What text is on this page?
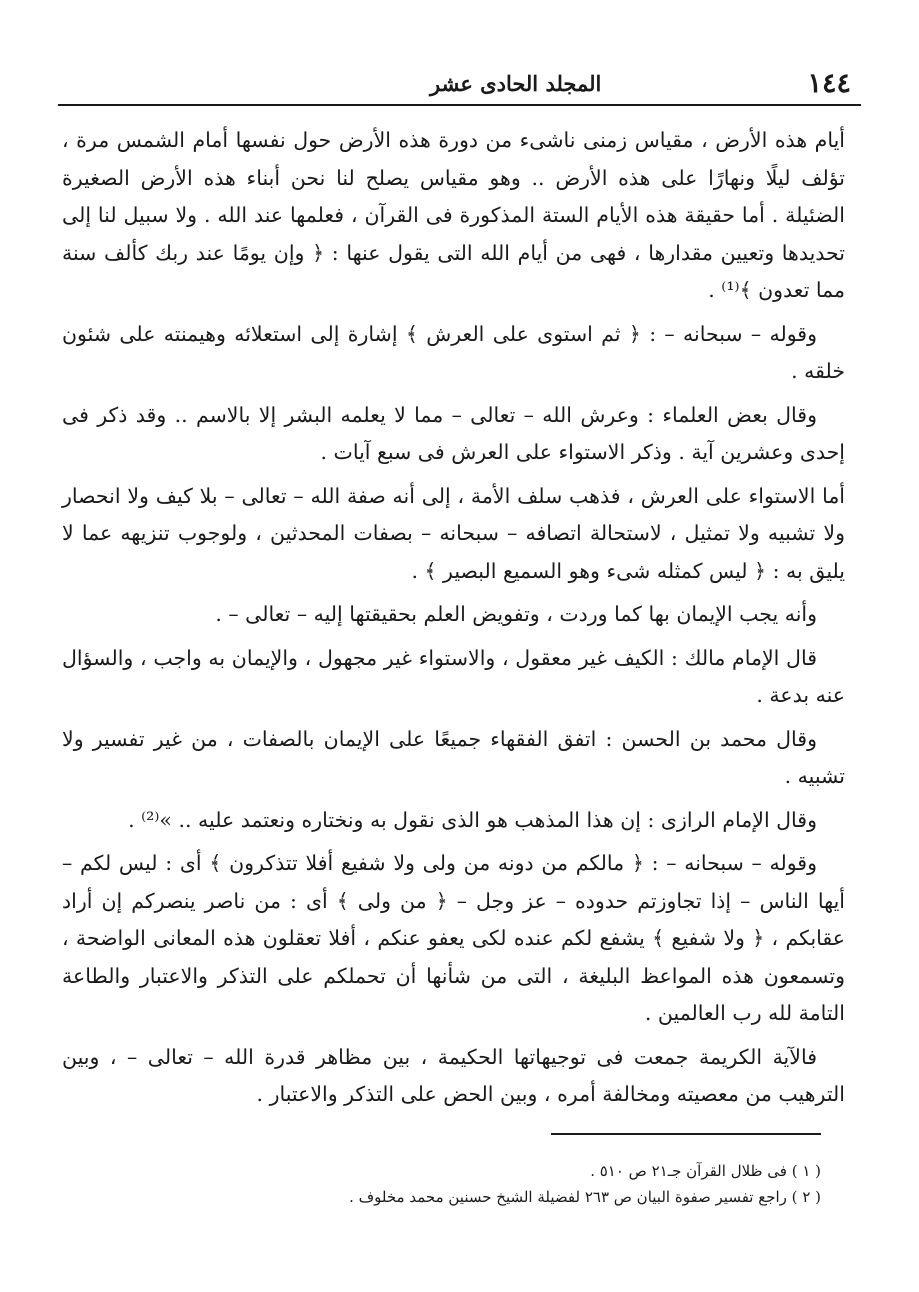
١٤٤
المجلد الحادى عشر

أيام هذه الأرض ، مقياس زمنى ناشىء من دورة هذه الأرض حول نفسها أمام الشمس مرة ، تؤلف ليلًا ونهارًا على هذه الأرض .. وهو مقياس يصلح لنا نحن أبناء هذه الأرض الصغيرة الضئيلة . أما حقيقة هذه الأيام الستة المذكورة فى القرآن ، فعلمها عند الله . ولا سبيل لنا إلى تحديدها وتعيين مقدارها ، فهى من أيام الله التى يقول عنها : ﴿ وإن يومًا عند ربك كألف سنة مما تعدون ﴾⁽¹⁾ .

وقوله – سبحانه – : ﴿ ثم استوى على العرش ﴾ إشارة إلى استعلائه وهيمنته على شئون خلقه .

وقال بعض العلماء : وعرش الله – تعالى – مما لا يعلمه البشر إلا بالاسم .. وقد ذكر فى إحدى وعشرين آية . وذكر الاستواء على العرش فى سبع آيات .

أما الاستواء على العرش ، فذهب سلف الأمة ، إلى أنه صفة الله – تعالى – بلا كيف ولا انحصار ولا تشبيه ولا تمثيل ، لاستحالة اتصافه – سبحانه – بصفات المحدثين ، ولوجوب تنزيهه عما لا يليق به : ﴿ ليس كمثله شىء وهو السميع البصير ﴾ .

وأنه يجب الإيمان بها كما وردت ، وتفويض العلم بحقيقتها إليه – تعالى – .

قال الإمام مالك : الكيف غير معقول ، والاستواء غير مجهول ، والإيمان به واجب ، والسؤال عنه بدعة .

وقال محمد بن الحسن : اتفق الفقهاء جميعًا على الإيمان بالصفات ، من غير تفسير ولا تشبيه .

وقال الإمام الرازى : إن هذا المذهب هو الذى نقول به ونختاره ونعتمد عليه .. »⁽²⁾ .

وقوله – سبحانه – : ﴿ مالكم من دونه من ولى ولا شفيع أفلا تتذكرون ﴾ أى : ليس لكم – أيها الناس – إذا تجاوزتم حدوده – عز وجل – ﴿ من ولى ﴾ أى : من ناصر ينصركم إن أراد عقابكم ، ﴿ ولا شفيع ﴾ يشفع لكم عنده لكى يعفو عنكم ، أفلا تعقلون هذه المعانى الواضحة ، وتسمعون هذه المواعظ البليغة ، التى من شأنها أن تحملكم على التذكر والاعتبار والطاعة التامة لله رب العالمين .

فالآية الكريمة جمعت فى توجيهاتها الحكيمة ، بين مظاهر قدرة الله – تعالى – ، وبين الترهيب من معصيته ومخالفة أمره ، وبين الحض على التذكر والاعتبار .

( ١ ) فى ظلال القرآن جـ٢١ ص ٥١٠ .

( ٢ ) راجع تفسير صفوة البيان ص ٢٦٣ لفضيلة الشيخ حسنين محمد مخلوف .
